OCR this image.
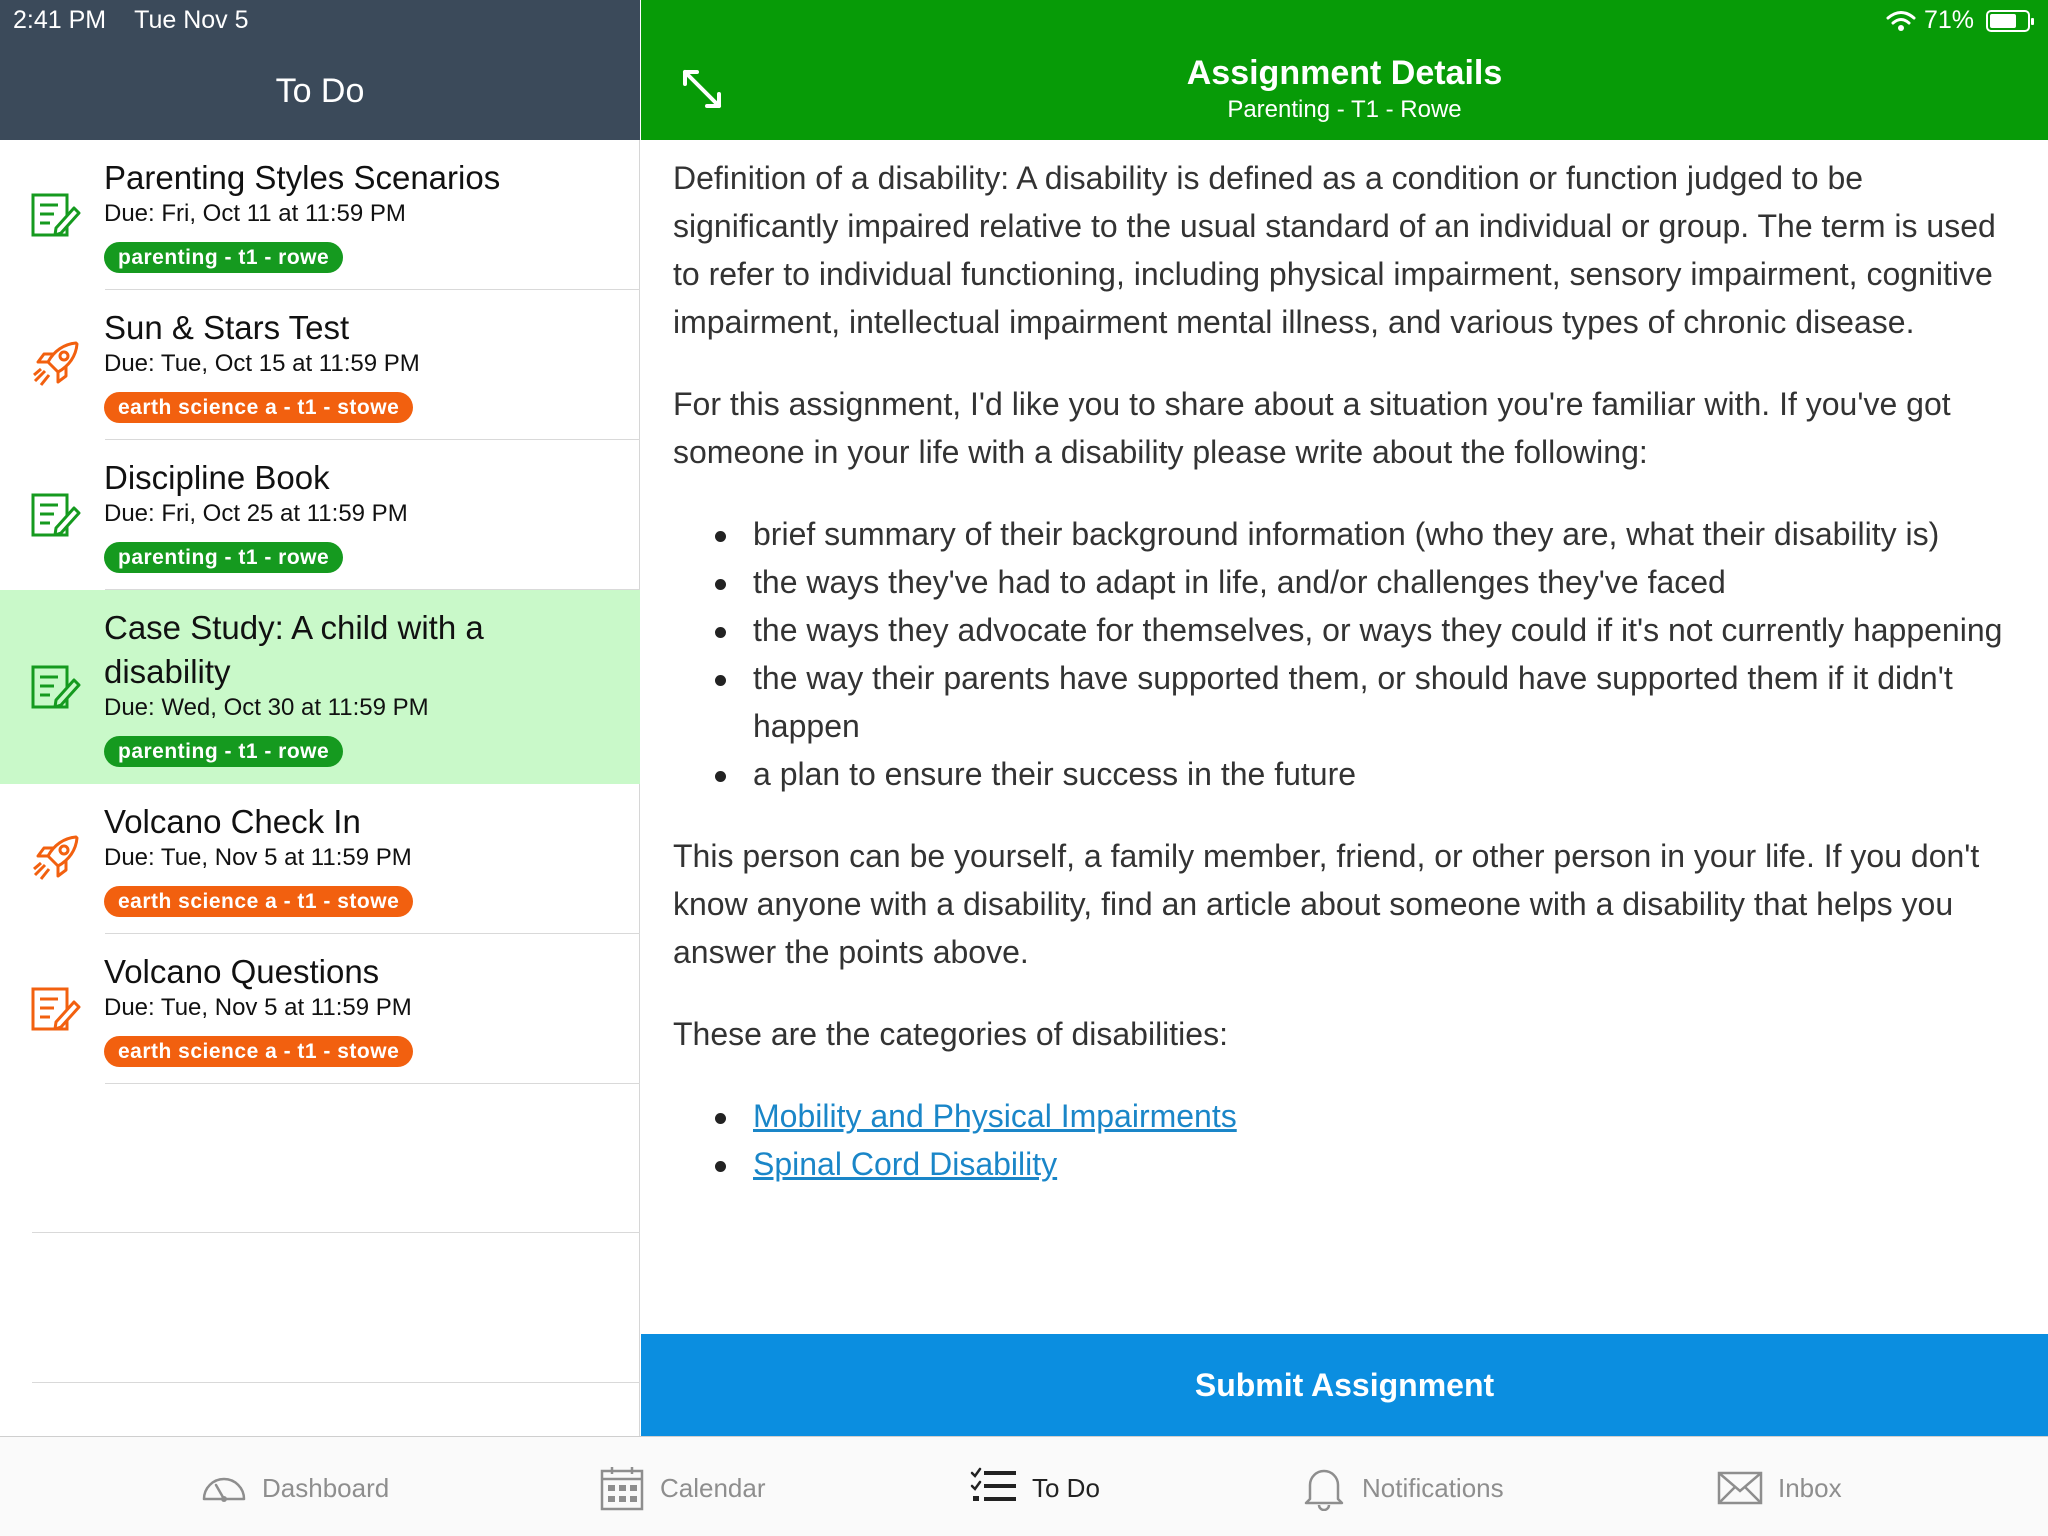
2:41 PM Tue Nov 5
To Do
Parenting Styles Scenarios
Due: Fri, Oct 11 at 11:59 PM
parenting - t1 - rowe
Sun & Stars Test
Due: Tue, Oct 15 at 11:59 PM
earth science a - t1 - stowe
Discipline Book
Due: Fri, Oct 25 at 11:59 PM
parenting - t1 - rowe
Case Study: A child with a disability
Due: Wed, Oct 30 at 11:59 PM
parenting - t1 - rowe
Volcano Check In
Due: Tue, Nov 5 at 11:59 PM
earth science a - t1 - stowe
Volcano Questions
Due: Tue, Nov 5 at 11:59 PM
earth science a - t1 - stowe
71%
Assignment Details
Parenting - T1 - Rowe

Definition of a disability: A disability is defined as a condition or function judged to be significantly impaired relative to the usual standard of an individual or group. The term is used to refer to individual functioning, including physical impairment, sensory impairment, cognitive impairment, intellectual impairment mental illness, and various types of chronic disease.

For this assignment, I'd like you to share about a situation you're familiar with. If you've got someone in your life with a disability please write about the following:

brief summary of their background information (who they are, what their disability is)
the ways they've had to adapt in life, and/or challenges they've faced
the ways they advocate for themselves, or ways they could if it's not currently happening
the way their parents have supported them, or should have supported them if it didn't happen
a plan to ensure their success in the future

This person can be yourself, a family member, friend, or other person in your life. If you don't know anyone with a disability, find an article about someone with a disability that helps you answer the points above.

These are the categories of disabilities:

Mobility and Physical Impairments
Spinal Cord Disability
Submit Assignment
Dashboard	Calendar	To Do	Notifications	Inbox
